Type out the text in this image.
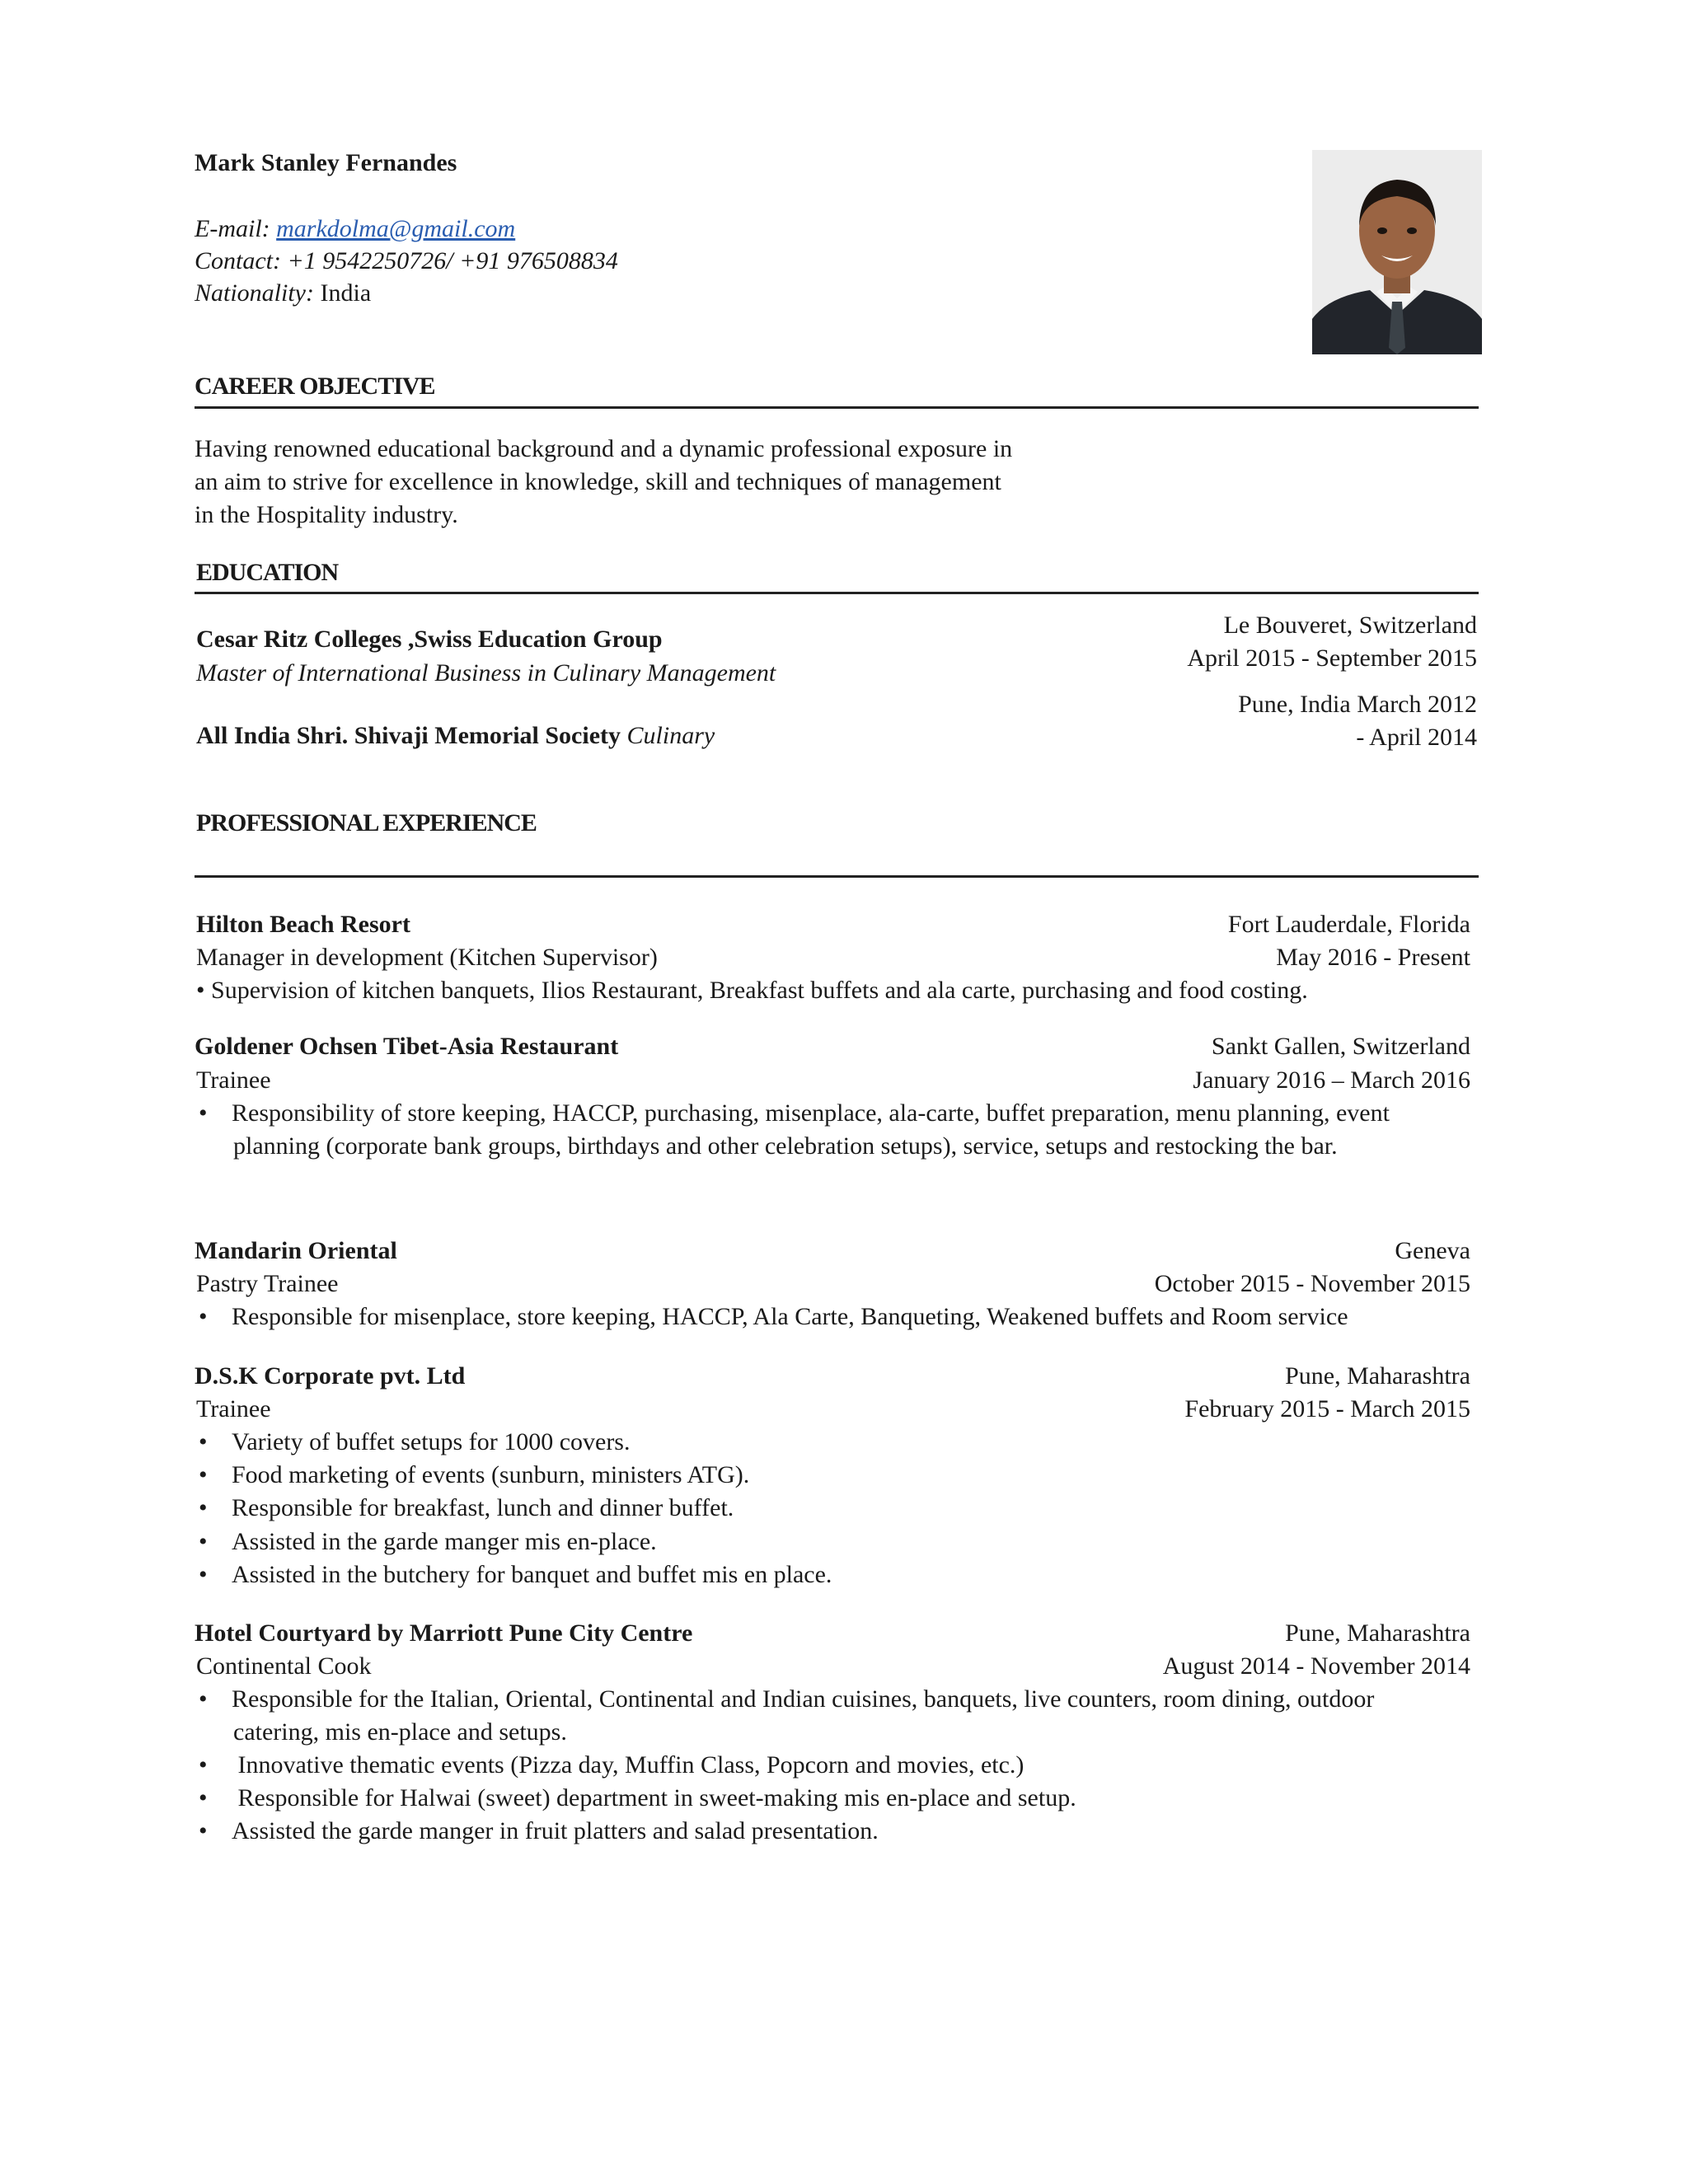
Mark Stanley Fernandes
E-mail: markdolma@gmail.com
Contact: +1 9542250726/ +91 976508834
Nationality: India
CAREER OBJECTIVE
Having renowned educational background and a dynamic professional exposure in
an aim to strive for excellence in knowledge, skill and techniques of management
in the Hospitality industry.
EDUCATION
Cesar Ritz Colleges ,Swiss Education Group
Master of International Business in Culinary Management
Le Bouveret, Switzerland
April 2015 - September 2015
All India Shri. Shivaji Memorial Society Culinary
Pune, India March 2012
- April 2014
PROFESSIONAL EXPERIENCE
Hilton Beach Resort	Fort Lauderdale, Florida
Manager in development (Kitchen Supervisor)	May 2016 - Present
• Supervision of kitchen banquets, Ilios Restaurant, Breakfast buffets and ala carte, purchasing and food costing.
Goldener Ochsen Tibet-Asia Restaurant	Sankt Gallen, Switzerland
Trainee	January 2016 – March 2016
• Responsibility of store keeping, HACCP, purchasing, misenplace, ala-carte, buffet preparation, menu planning, event
planning (corporate bank groups, birthdays and other celebration setups), service, setups and restocking the bar.
Mandarin Oriental	Geneva
Pastry Trainee	October 2015 - November 2015
• Responsible for misenplace, store keeping, HACCP, Ala Carte, Banqueting, Weakened buffets and Room service
D.S.K Corporate pvt. Ltd	Pune, Maharashtra
Trainee	February 2015 - March 2015
• Variety of buffet setups for 1000 covers.
• Food marketing of events (sunburn, ministers ATG).
• Responsible for breakfast, lunch and dinner buffet.
• Assisted in the garde manger mis en-place.
• Assisted in the butchery for banquet and buffet mis en place.
Hotel Courtyard by Marriott Pune City Centre	Pune, Maharashtra
Continental Cook	August 2014 - November 2014
• Responsible for the Italian, Oriental, Continental and Indian cuisines, banquets, live counters, room dining, outdoor
catering, mis en-place and setups.
• Innovative thematic events (Pizza day, Muffin Class, Popcorn and movies, etc.)
• Responsible for Halwai (sweet) department in sweet-making mis en-place and setup.
• Assisted the garde manger in fruit platters and salad presentation.
